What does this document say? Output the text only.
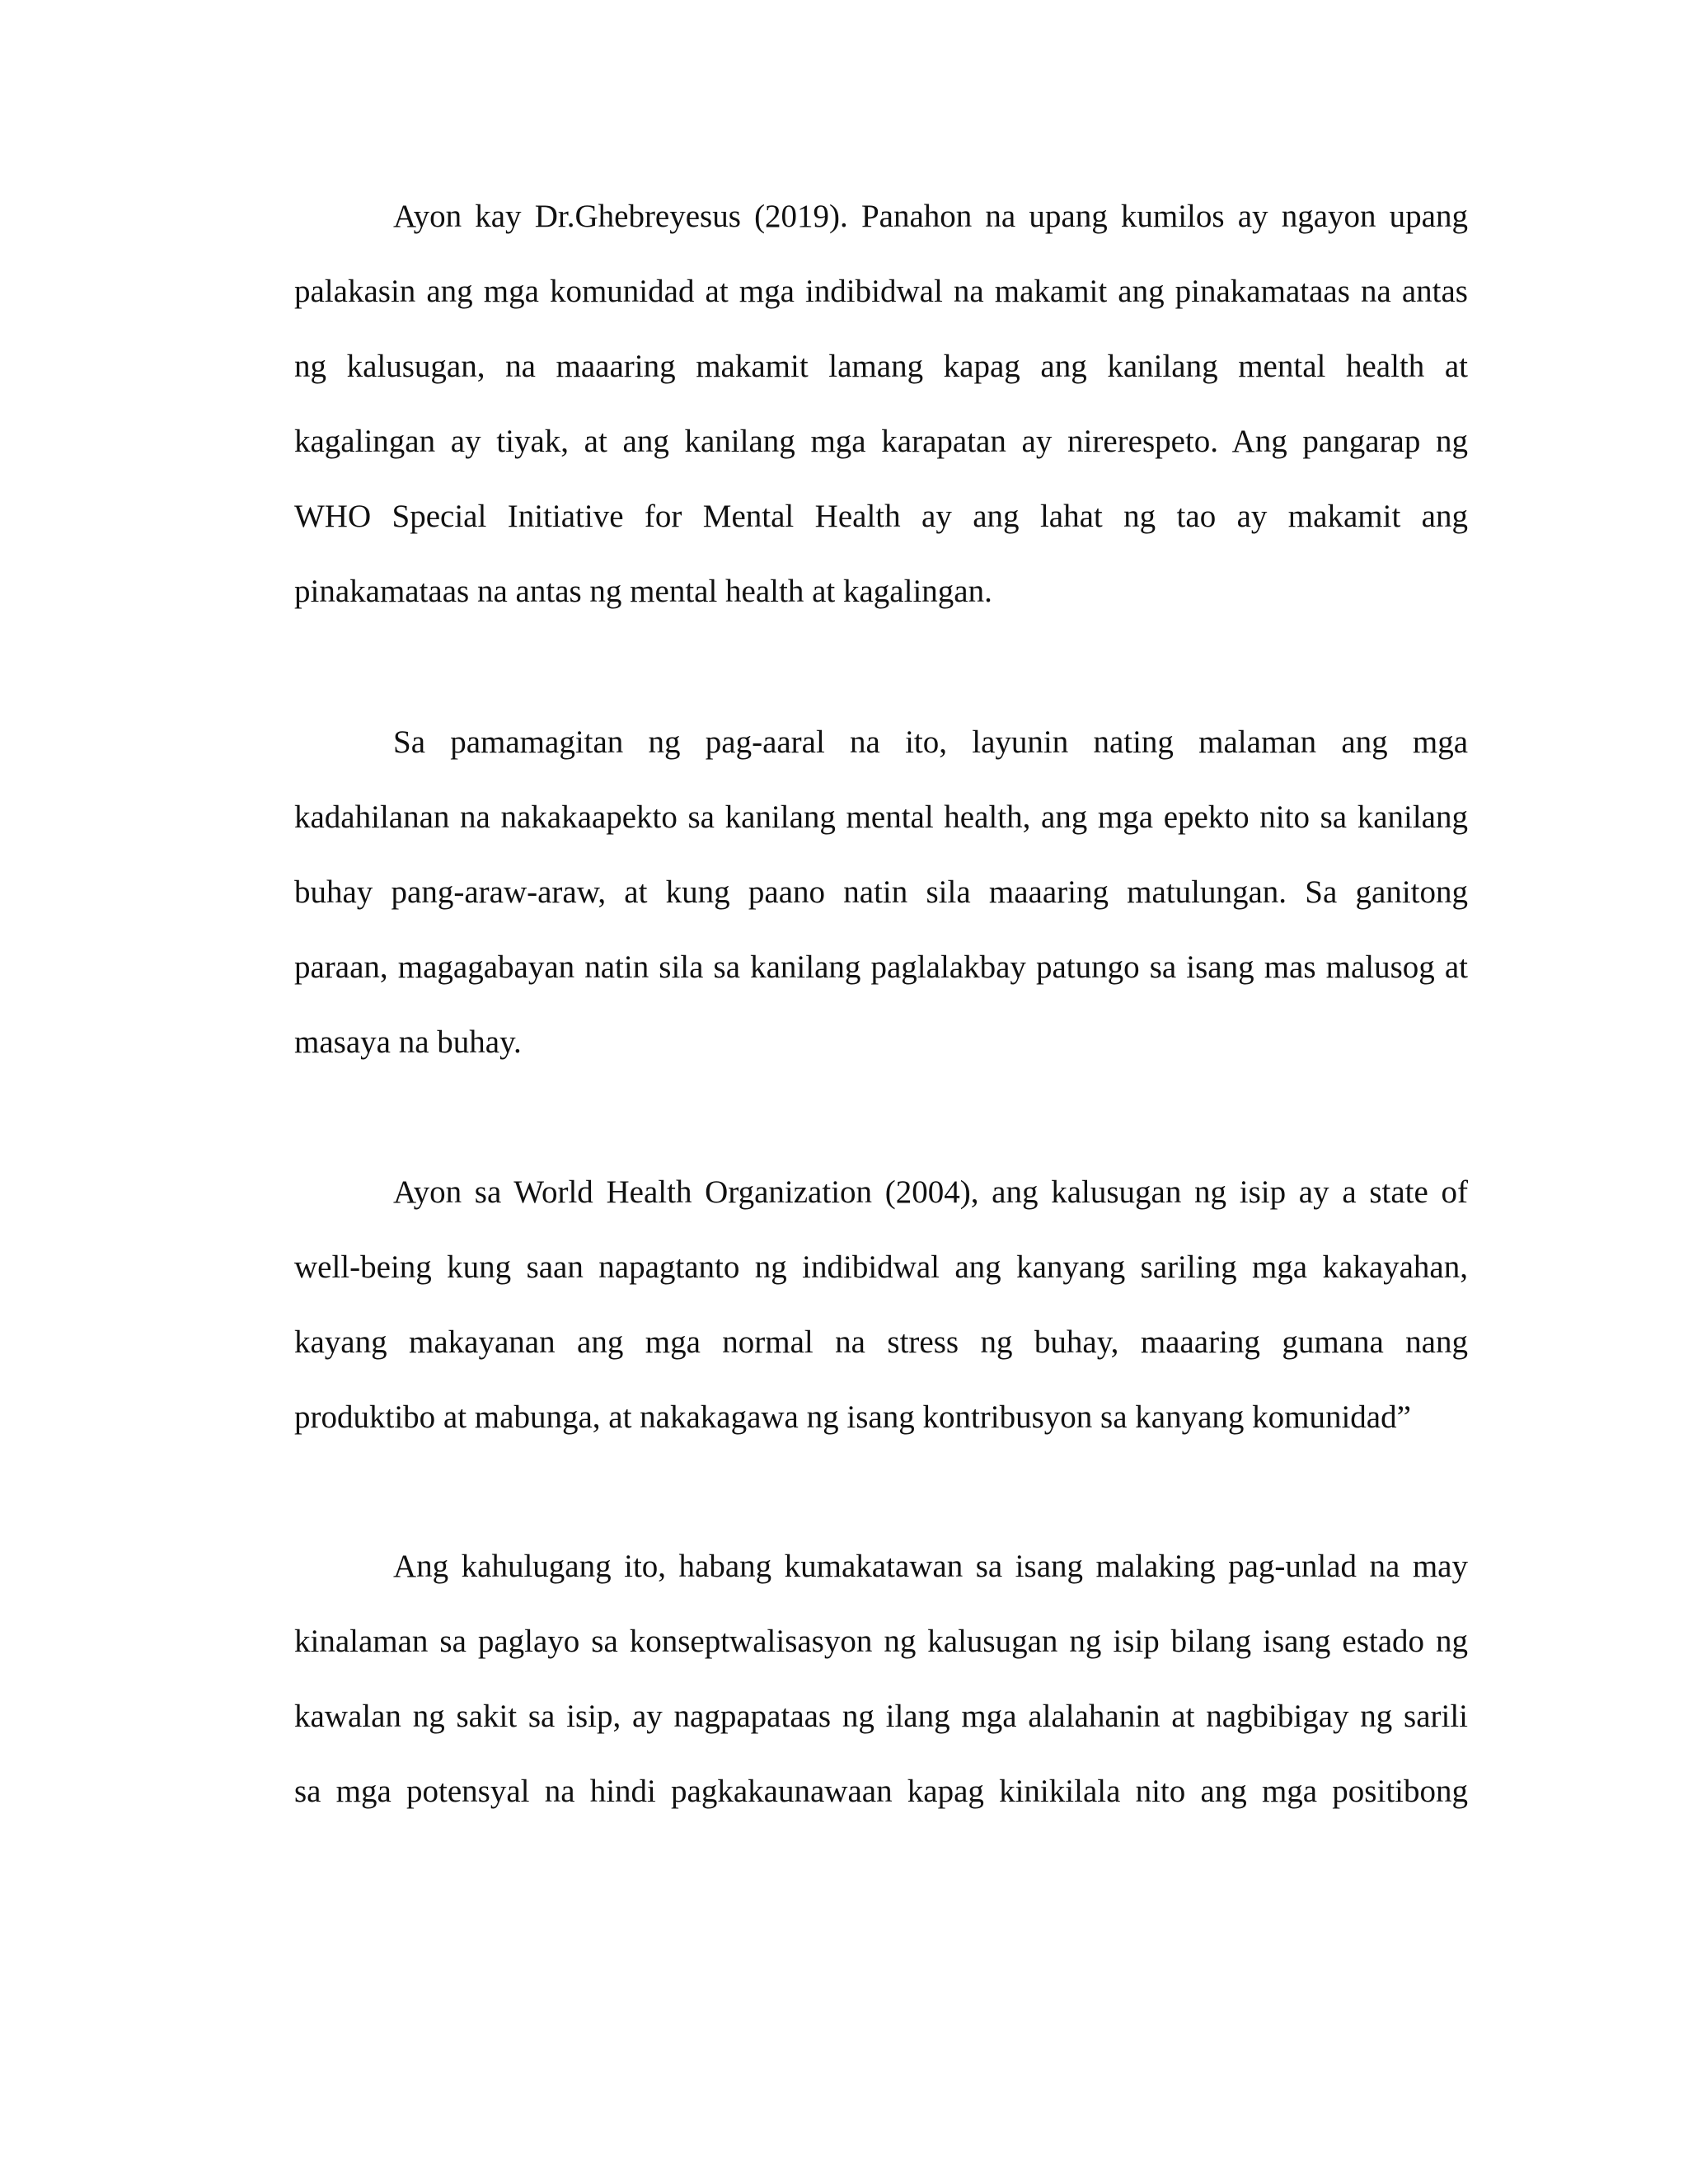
Ayon kay Dr.Ghebreyesus (2019). Panahon na upang kumilos ay ngayon upang
palakasin ang mga komunidad at mga indibidwal na makamit ang pinakamataas na antas
ng kalusugan, na maaaring makamit lamang kapag ang kanilang mental health at
kagalingan ay tiyak, at ang kanilang mga karapatan ay nirerespeto. Ang pangarap ng
WHO Special Initiative for Mental Health ay ang lahat ng tao ay makamit ang
pinakamataas na antas ng mental health at kagalingan.
Sa pamamagitan ng pag-aaral na ito, layunin nating malaman ang mga
kadahilanan na nakakaapekto sa kanilang mental health, ang mga epekto nito sa kanilang
buhay pang-araw-araw, at kung paano natin sila maaaring matulungan. Sa ganitong
paraan, magagabayan natin sila sa kanilang paglalakbay patungo sa isang mas malusog at
masaya na buhay.
Ayon sa World Health Organization (2004), ang kalusugan ng isip ay a state of
well-being kung saan napagtanto ng indibidwal ang kanyang sariling mga kakayahan,
kayang makayanan ang mga normal na stress ng buhay, maaaring gumana nang
produktibo at mabunga, at nakakagawa ng isang kontribusyon sa kanyang komunidad”
Ang kahulugang ito, habang kumakatawan sa isang malaking pag-unlad na may
kinalaman sa paglayo sa konseptwalisasyon ng kalusugan ng isip bilang isang estado ng
kawalan ng sakit sa isip, ay nagpapataas ng ilang mga alalahanin at nagbibigay ng sarili
sa mga potensyal na hindi pagkakaunawaan kapag kinikilala nito ang mga positibong
